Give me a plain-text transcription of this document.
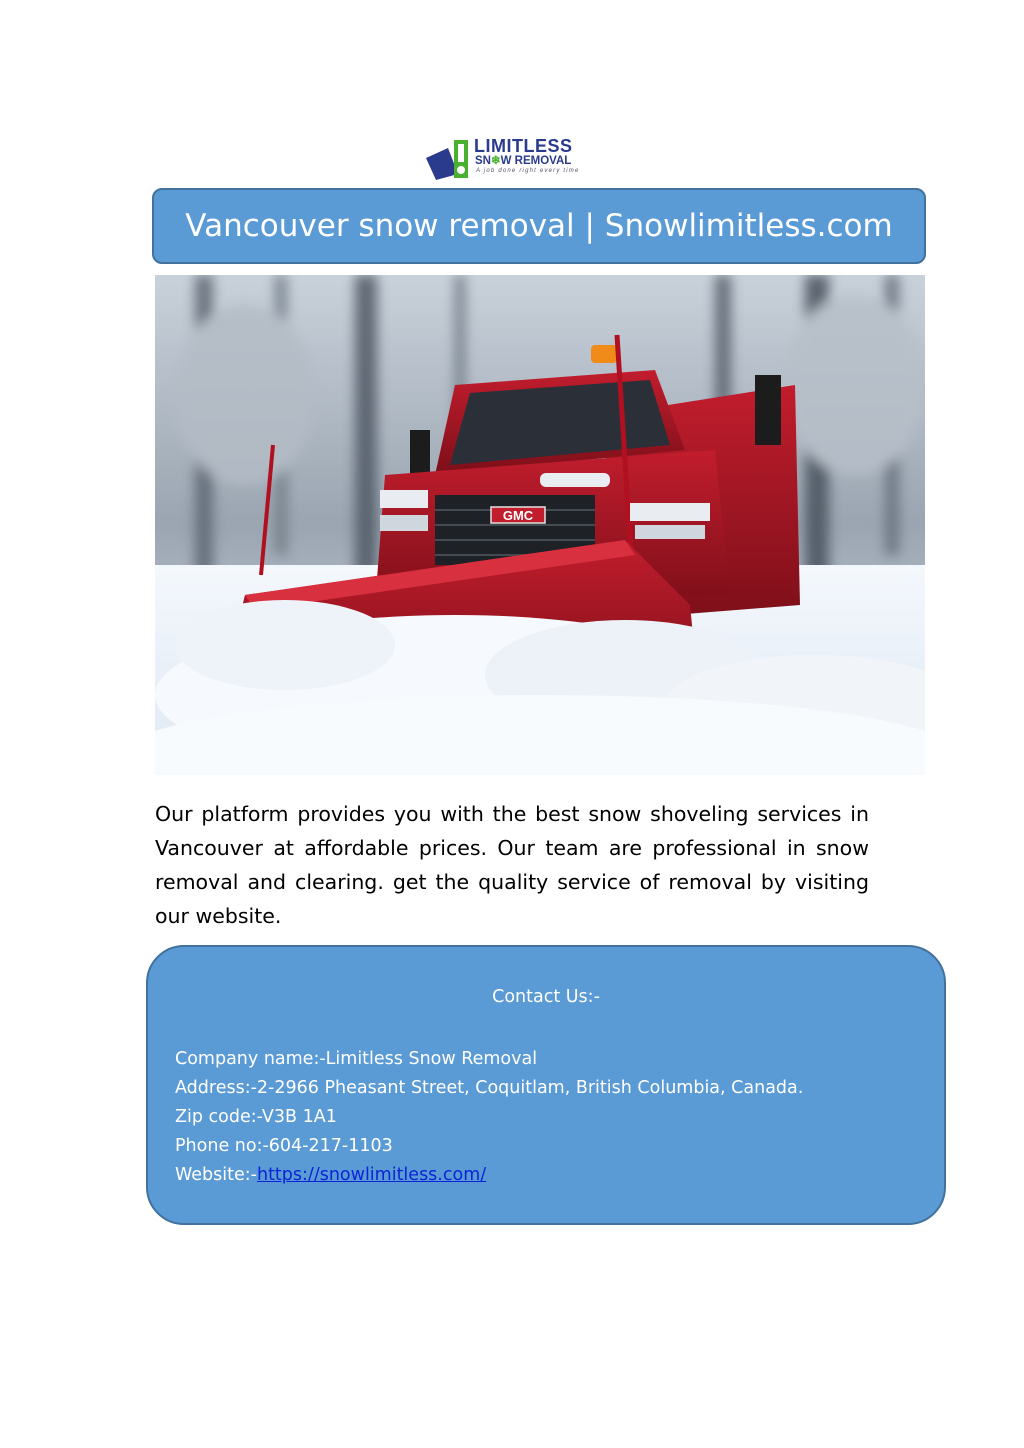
LIMITLESS
SN❄W REMOVAL
A job done right every time
Vancouver snow removal | Snowlimitless.com
GMC
Our platform provides you with the best snow shoveling services in Vancouver at affordable prices. Our team are professional in snow removal and clearing. get the quality service of removal by visiting our website.
Contact Us:-
Company name:-Limitless Snow Removal
Address:-2-2966 Pheasant Street, Coquitlam, British Columbia, Canada.
Zip code:-V3B 1A1
Phone no:-604-217-1103
Website:-https://snowlimitless.com/
